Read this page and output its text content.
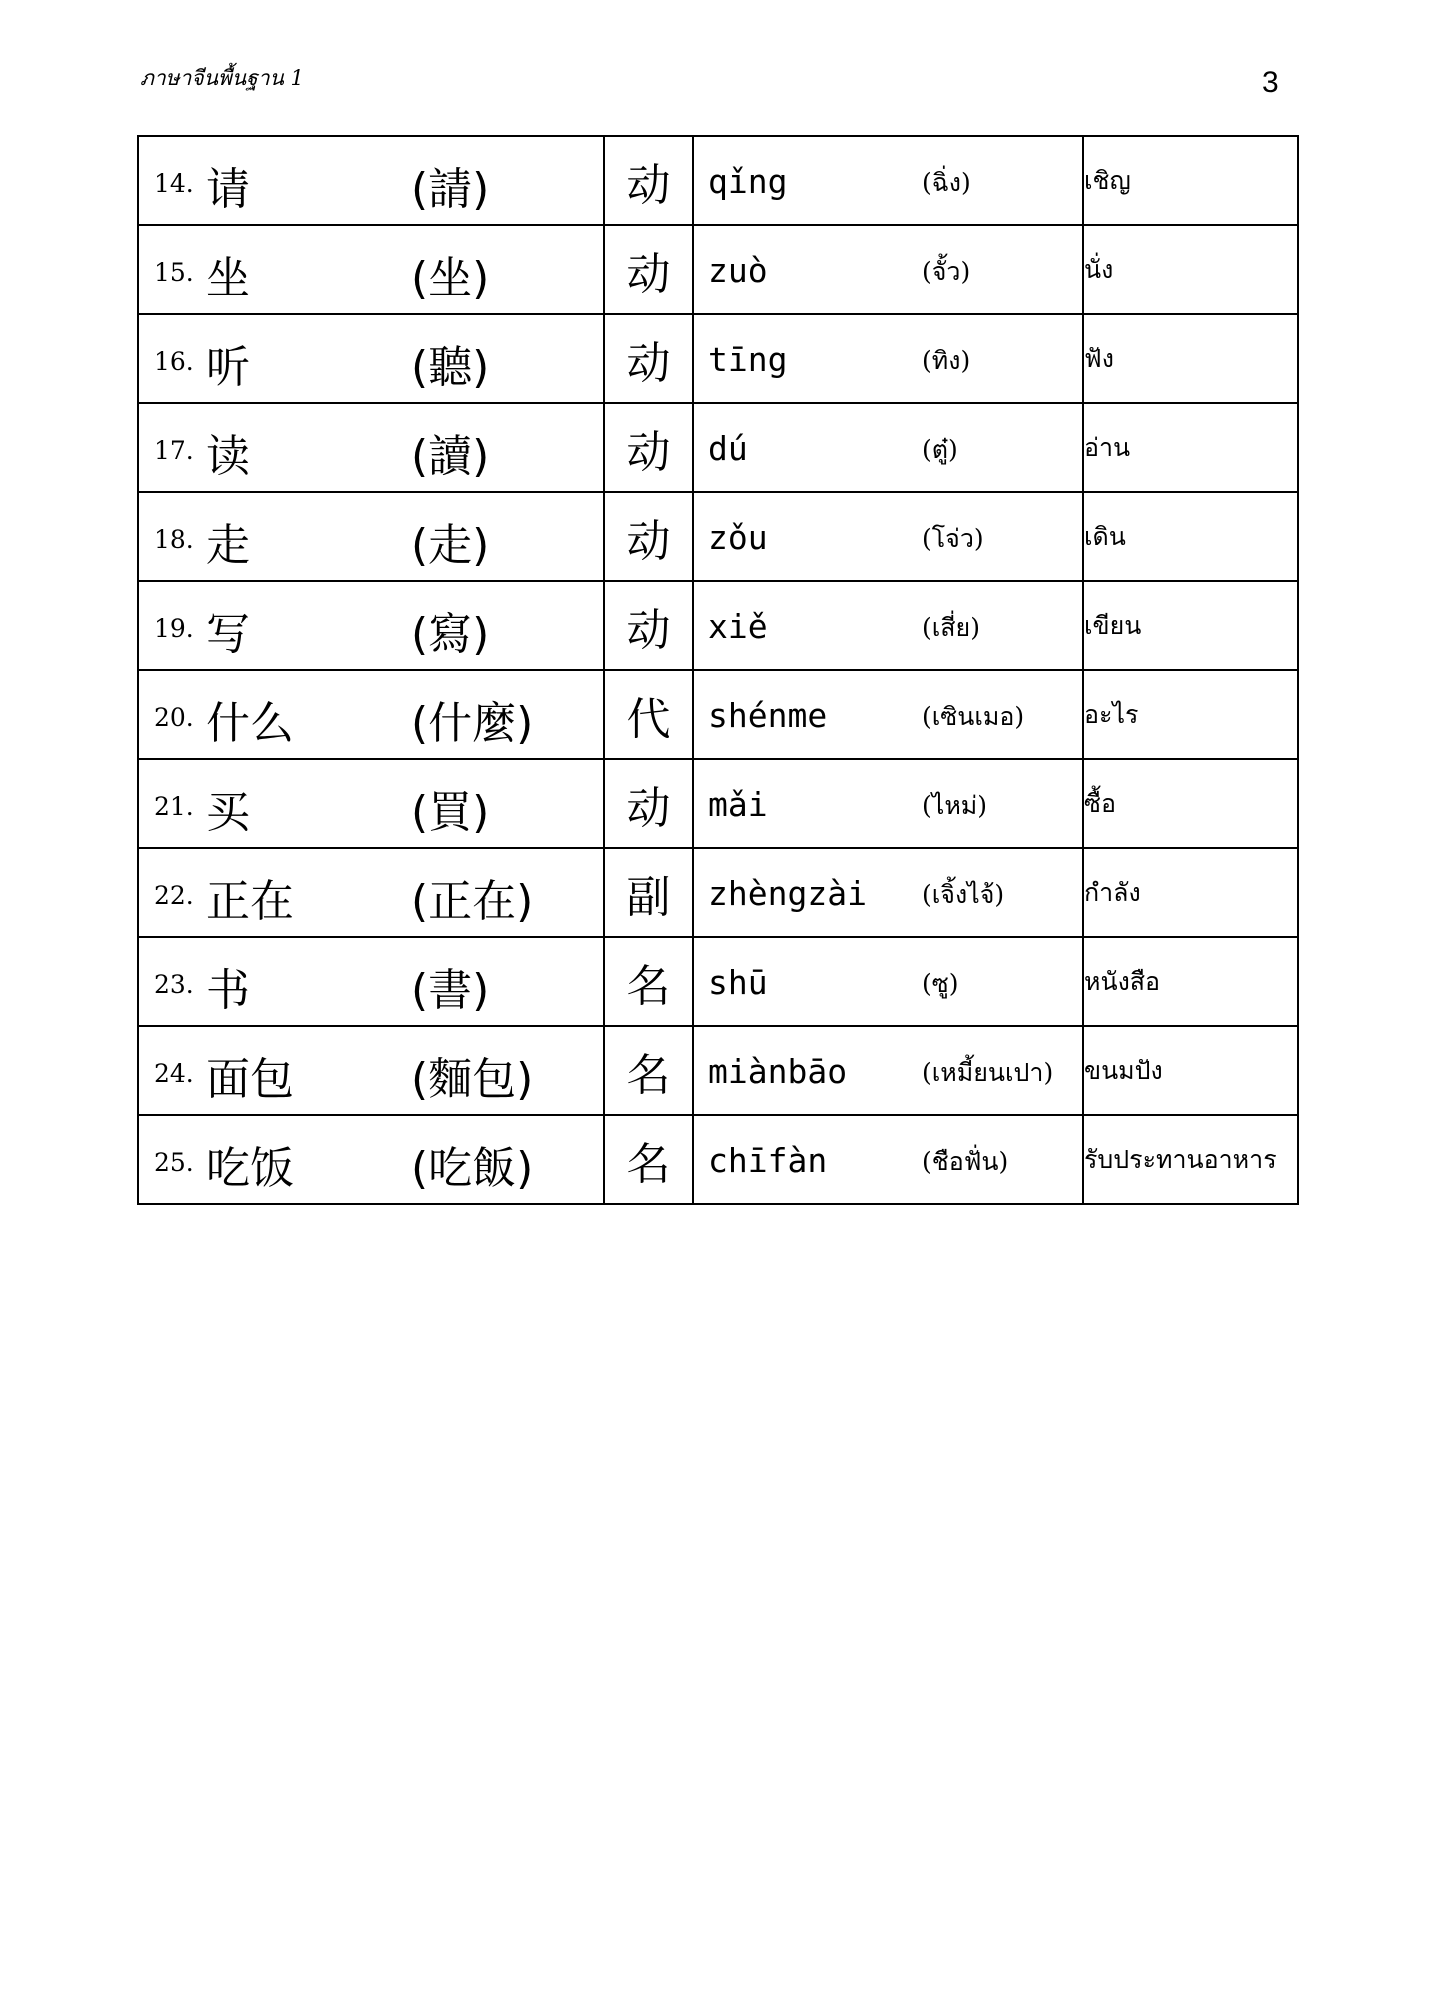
ภาษาจีนพื้นฐาน 1	3
14. 请 (請)	动	qǐng (ฉิ่ง)	เชิญ

15. 坐 (坐)	动	zuò (จั้ว)	นั่ง

16. 听 (聽)	动	tīng (ทิง)	ฟัง

17. 读 (讀)	动	dú (ตู๋)	อ่าน

18. 走 (走)	动	zǒu (โจ่ว)	เดิน

19. 写 (寫)	动	xiě (เสี่ย)	เขียน

20. 什么 (什麼)	代	shénme (เซินเมอ)	อะไร

21. 买 (買)	动	mǎi (ไหม่)	ซื้อ

22. 正在 (正在)	副	zhèngzài (เจิ้งไจ้)	กำลัง

23. 书 (書)	名	shū (ซู)	หนังสือ

24. 面包 (麵包)	名	miànbāo (เหมี้ยนเปา)	ขนมปัง

25. 吃饭 (吃飯)	名	chīfàn (ชือฟั่น)	รับประทานอาหาร
